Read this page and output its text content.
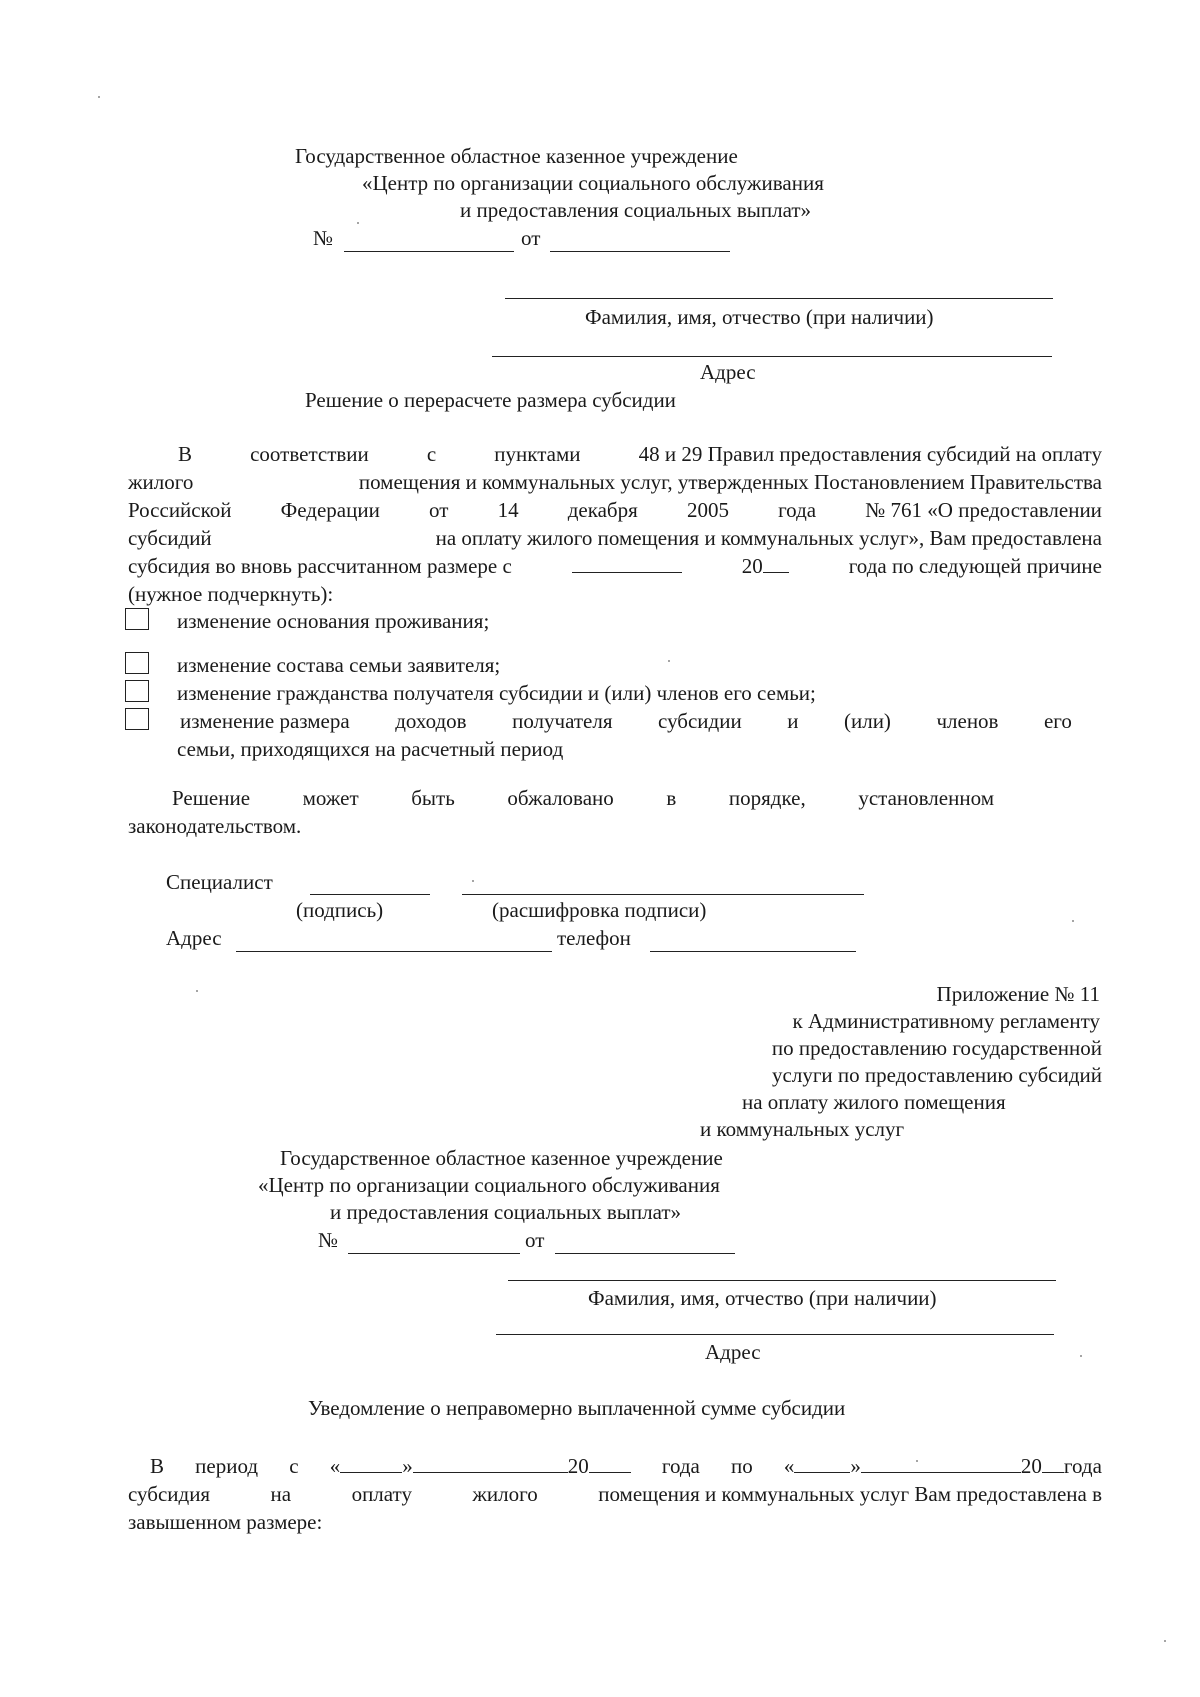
Государственное областное казенное учреждение
«Центр по организации социального обслуживания
и предоставления социальных выплат»
№	от
Фамилия, имя, отчество (при наличии)
Адрес
Решение о перерасчете размера субсидии
В	соответствии	с	пунктами	48 и 29 Правил предоставления субсидий на оплату
жилого	помещения и коммунальных услуг, утвержденных Постановлением Правительства
Российской Федерации от 14 декабря 2005 года № 761 «О предоставлении
субсидий	на оплату жилого помещения и коммунальных услуг», Вам предоставлена
субсидия во вновь рассчитанном размере с	20	года по следующей причине
(нужное подчеркнуть):
изменение основания проживания;
изменение состава семьи заявителя;
изменение гражданства получателя субсидии и (или) членов его семьи;
изменение размера доходов получателя субсидии и (или) членов его
семьи, приходящихся на расчетный период
Решение	может	быть	обжаловано	в	порядке,	установленном
законодательством.
Специалист
(подпись)	(расшифровка подписи)
Адрес	телефон
Приложение № 11
к Административному регламенту
по предоставлению государственной
услуги по предоставлению субсидий
на оплату жилого помещения
и коммунальных услуг
Государственное областное казенное учреждение
«Центр по организации социального обслуживания
и предоставления социальных выплат»
№	от
Фамилия, имя, отчество (при наличии)
Адрес
Уведомление о неправомерно выплаченной сумме субсидии
В период с «	»	20	года по «	»	20 года
субсидия	на	оплату	жилого	помещения и коммунальных услуг Вам предоставлена в
завышенном размере:
